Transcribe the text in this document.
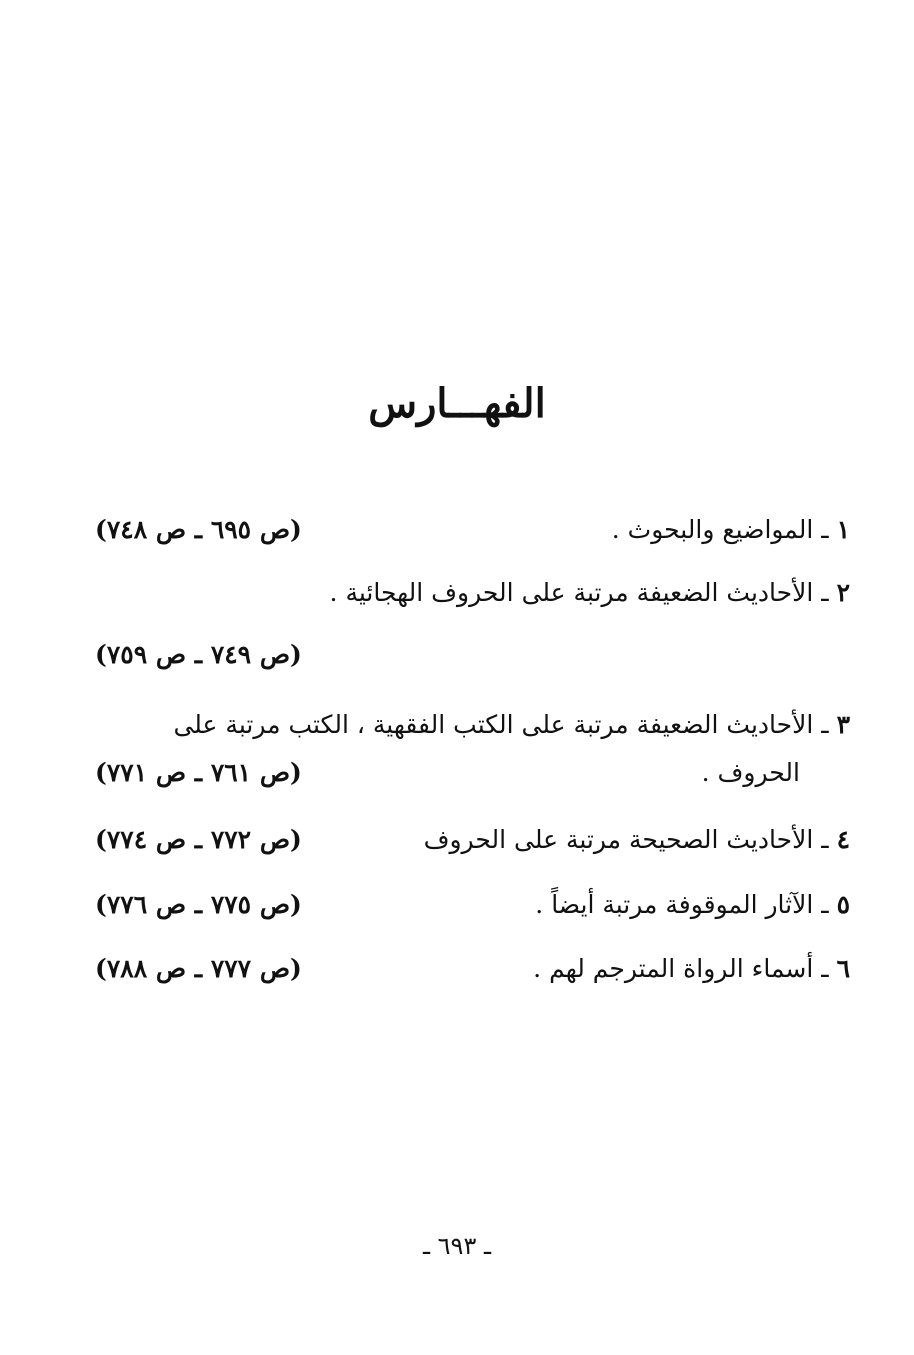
الفهـــارس
١ ـ المواضيع والبحوث .
(ص ٦٩٥ ـ ص ٧٤٨)
٢ ـ الأحاديث الضعيفة مرتبة على الحروف الهجائية .
(ص ٧٤٩ ـ ص ٧٥٩)
٣ ـ الأحاديث الضعيفة مرتبة على الكتب الفقهية ، الكتب مرتبة على
الحروف .
(ص ٧٦١ ـ ص ٧٧١)
٤ ـ الأحاديث الصحيحة مرتبة على الحروف
(ص ٧٧٢ ـ ص ٧٧٤)
٥ ـ الآثار الموقوفة مرتبة أيضاً .
(ص ٧٧٥ ـ ص ٧٧٦)
٦ ـ أسماء الرواة المترجم لهم .
(ص ٧٧٧ ـ ص ٧٨٨)
ـ ٦٩٣ ـ
